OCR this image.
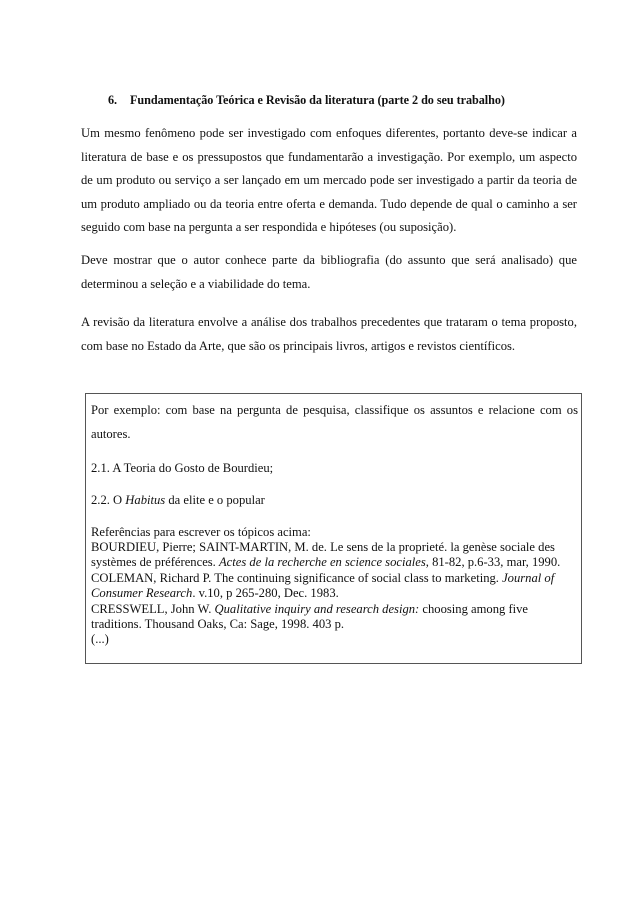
6. Fundamentação Teórica e Revisão da literatura (parte 2 do seu trabalho)

Um mesmo fenômeno pode ser investigado com enfoques diferentes, portanto deve-se indicar a literatura de base e os pressupostos que fundamentarão a investigação. Por exemplo, um aspecto de um produto ou serviço a ser lançado em um mercado pode ser investigado a partir da teoria de um produto ampliado ou da teoria entre oferta e demanda. Tudo depende de qual o caminho a ser seguido com base na pergunta a ser respondida e hipóteses (ou suposição).

Deve mostrar que o autor conhece parte da bibliografia (do assunto que será analisado) que determinou a seleção e a viabilidade do tema.

A revisão da literatura envolve a análise dos trabalhos precedentes que trataram o tema proposto, com base no Estado da Arte, que são os principais livros, artigos e revistos científicos.

Por exemplo: com base na pergunta de pesquisa, classifique os assuntos e relacione com os autores.

2.1. A Teoria do Gosto de Bourdieu;

2.2. O Habitus da elite e o popular

Referências para escrever os tópicos acima:

BOURDIEU, Pierre; SAINT-MARTIN, M. de. Le sens de la proprieté. la genèse sociale des systèmes de préférences. Actes de la recherche en science sociales, 81-82, p.6-33, mar, 1990.
COLEMAN, Richard P. The continuing significance of social class to marketing. Journal of Consumer Research. v.10, p 265-280, Dec. 1983.
CRESSWELL, John W. Qualitative inquiry and research design: choosing among five traditions. Thousand Oaks, Ca: Sage, 1998. 403 p.
(...)
